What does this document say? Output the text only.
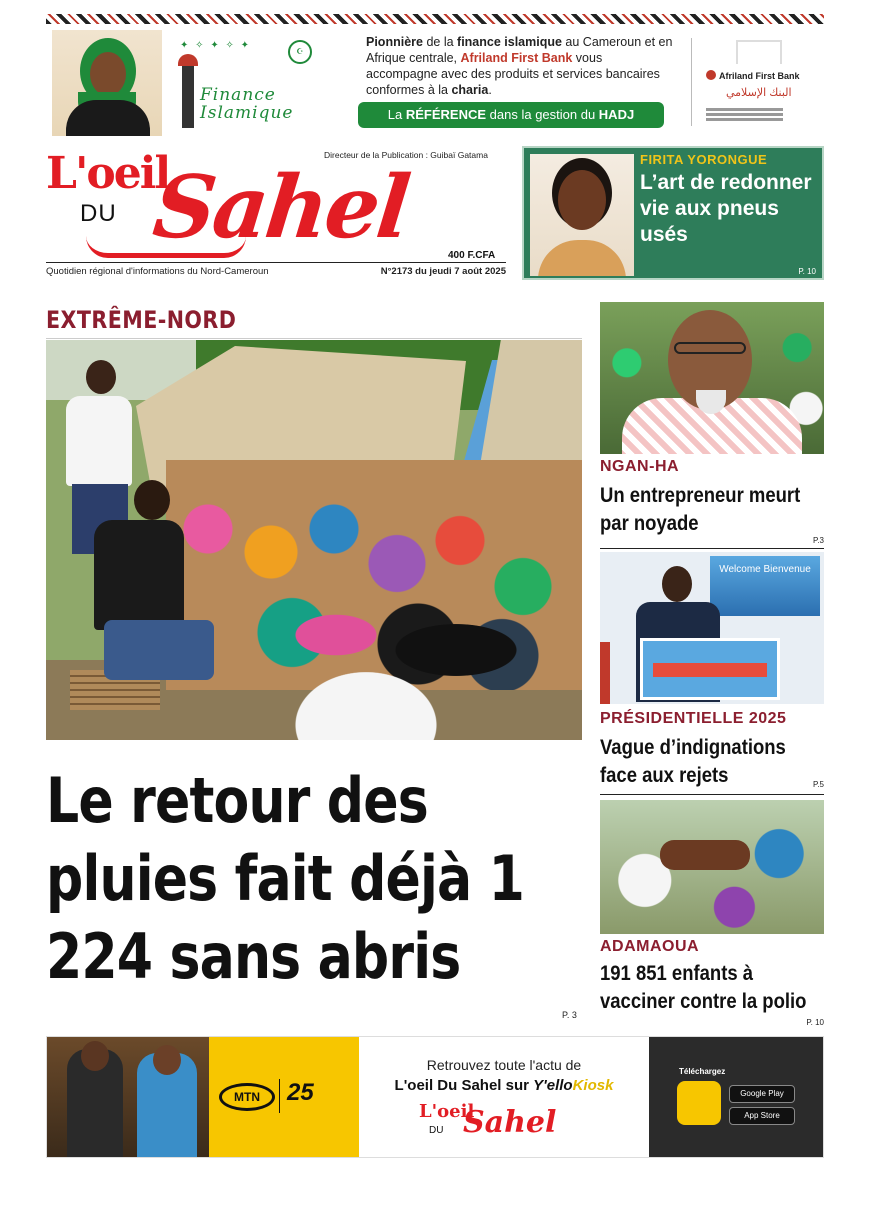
✦ ✧ ✦ ✧ ✦
☪
Finance
Islamique
Pionnière de la finance islamique au Cameroun et en Afrique centrale, Afriland First Bank vous accompagne avec des produits et services bancaires conformes à la charia.
La RÉFÉRENCE dans la gestion du HADJ
Afriland First Bank
البنك الإسلامي
L'oeil
DU Sahel
Directeur de la Publication : Guibaï Gatama
400 F.CFA
Quotidien régional d'informations du Nord-Cameroun	N°2173 du jeudi 7 août 2025
FIRITA YORONGUE
L’art de redonner vie aux pneus usés
P. 10
EXTRÊME-NORD
Le retour des pluies fait déjà 1 224 sans abris
P. 3
NGAN-HA
Un entrepreneur meurt par noyade
P.3
Welcome Bienvenue
PRÉSIDENTIELLE 2025
Vague d’indignations face aux rejets	P.5
ADAMAOUA
191 851 enfants à vacciner contre la polio
P. 10
MTN	25
Retrouvez toute l'actu de
L'oeil Du Sahel sur Y'elloKiosk
L'oeil
DU Sahel
Téléchargez
Google Play
App Store
